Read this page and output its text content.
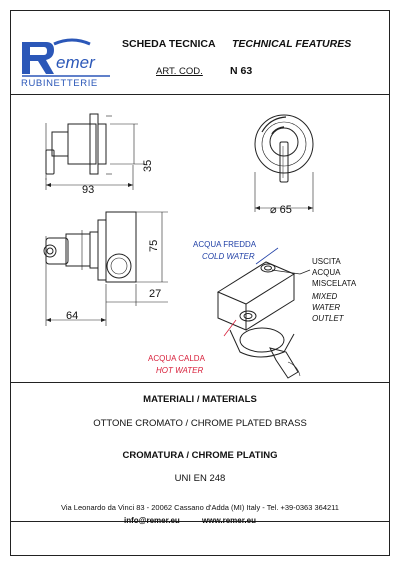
emer
RUBINETTERIE
SCHEDA TECNICA TECHNICAL FEATURES
ART. COD.	N 63
93
35
⌀ 65
75
27
64
ACQUA FREDDA
COLD WATER
USCITA
ACQUA
MISCELATA
MIXED
WATER
OUTLET
ACQUA CALDA
HOT WATER
MATERIALI / MATERIALS
OTTONE CROMATO / CHROME PLATED BRASS
CROMATURA / CHROME PLATING
UNI EN 248
Via Leonardo da Vinci 83 - 20062 Cassano d'Adda (MI) Italy - Tel. +39-0363 364211
info@remer.eu	www.remer.eu
